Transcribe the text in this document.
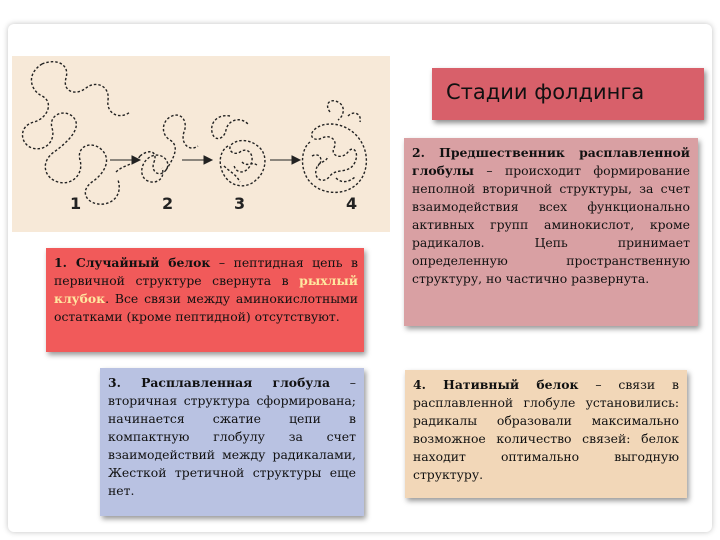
1	2	3	4
Стадии фолдинга
1. Случайный белок – пептидная цепь в первичной структуре свернута в рыхлый клубок. Все связи между аминокислотными остатками (кроме пептидной) отсутствуют.
2. Предшественник расплавленной глобулы – происходит формирование неполной вторичной структуры, за счет взаимодействия всех функционально активных групп аминокислот, кроме радикалов. Цепь принимает определенную пространственную структуру, но частично развернута.
3. Расплавленная глобула – вторичная структура сформирована; начинается сжатие цепи в компактную глобулу за счет взаимодействий между радикалами, Жесткой третичной структуры еще нет.
4. Нативный белок – связи в расплавленной глобуле установились: радикалы образовали максимально возможное количество связей: белок находит оптимально выгодную структуру.
